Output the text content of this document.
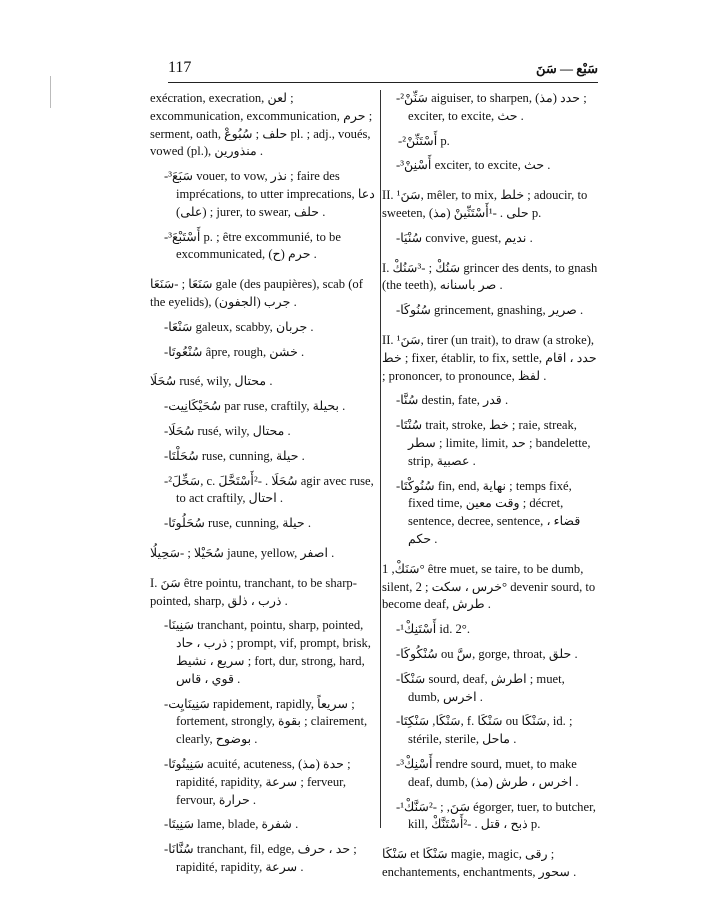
117	سَبْع — سَنَ

exécration, execration, لعن ; excommunication, excommunication, حرم ; serment, oath, حلف ; سُبُوعْ pl. ; adj., voués, vowed (pl.), منذورين .

-³سَبَعَ vouer, to vow, نذر ; faire des imprécations, to utter imprecations, دعا (على) ; jurer, to swear, حلف .

-³أَسْتَبْعَ p. ; être excommunié, to be excommunicated, حرم (ح) .

سَنَعَا ; -سَنَعَا gale (des paupières), scab (of the eyelids), جرب (الجفون) .

-سَنْعَا galeux, scabby, جربان .

-سُنْعُوتَا âpre, rough, خشن .

سُحَلَا rusé, wily, محتال .

-سُحَيْكَانِيت par ruse, craftily, بحيلة .

-سُحَلَا rusé, wily, محتال .

-سُحَلْتَا ruse, cunning, حيلة .

-²سَحِّلَ, c. سُحَلَا . -²أَسْتَحَّلَ agir avec ruse, to act craftily, احتال .

-سُحَلُوتَا ruse, cunning, حيلة .

سُحَيْلا ; -سَحِيلُا jaune, yellow, اصفر .

I. سَنَ être pointu, tranchant, to be sharp-pointed, sharp, ذرب ، ذلق .

-سَنِينَا tranchant, pointu, sharp, pointed, ذرب ، حاد ; prompt, vif, prompt, brisk, سريع ، نشيط ; fort, dur, strong, hard, قوي ، قاس .

-سَنِينَايِت rapidement, rapidly, سريعاً ; fortement, strongly, بقوة ; clairement, clearly, بوضوح .

-سَنِينُوتَا acuité, acuteness, حدة (مذ) ; rapidité, rapidity, سرعة ; ferveur, fervour, حرارة .

-سَنِيتَا lame, blade, شفرة .

-سُنَّانَا tranchant, fil, edge, حد ، حرف ; rapidité, rapidity, سرعة .

-²سَنِّنْ aiguiser, to sharpen, (مذ) حدد ; exciter, to excite, حث .

-²أَسْتَنِّنْ p.

-³أَسْنِنْ exciter, to excite, حث .

II. ¹سَنَ, mêler, to mix, خلط ; adoucir, to sweeten, (مذ) حلى . -¹أَسْتَنِّينْ p.

-سُنْيَا convive, guest, نديم .

I. سَنُكْ ; -³سَنُكْ grincer des dents, to gnash (the teeth), صر باسنانه .

-سُنُوكَا grincement, gnashing, صرير .

II. ¹سَنَ, tirer (un trait), to draw (a stroke), خط ; fixer, établir, to fix, settle, حدد ، اقام ; prononcer, to pronounce, لفظ .

-سُنَّا destin, fate, قدر .

-سُنْتَا trait, stroke, خط ; raie, streak, سطر ; limite, limit, حد ; bandelette, strip, عصبية .

-سُنُوكْتَا fin, end, نهاية ; temps fixé, fixed time, وقت معين ; décret, sentence, decree, sentence, قضاء ، حكم .

سَنَكْ, 1° être muet, se taire, to be dumb, silent, خرس ، سكت ; 2° devenir sourd, to become deaf, طرش .

-¹أَسْتَنِكْ id. 2°.

-سُنْكُوكَا ou سَّ, gorge, throat, حلق .

-سَنْكَا sourd, deaf, اطرش ; muet, dumb, اخرس .

-سَنْكَا, سَنْكِتَا, f. سَنْكَا ou سَنْكَا, id. ; stérile, sterile, ماحل .

-³أَسْنِكْ rendre sourd, muet, to make deaf, dumb, (مذ) اخرس ، طرش .

-¹سَنَ, ; -²سَنَّكْ égorger, tuer, to butcher, kill, ذبح ، قتل . -²أَسْتَنَّكْ p.

سَنْكَا et سَنْكَا magie, magic, رقى ; enchantements, enchantments, سحور .
